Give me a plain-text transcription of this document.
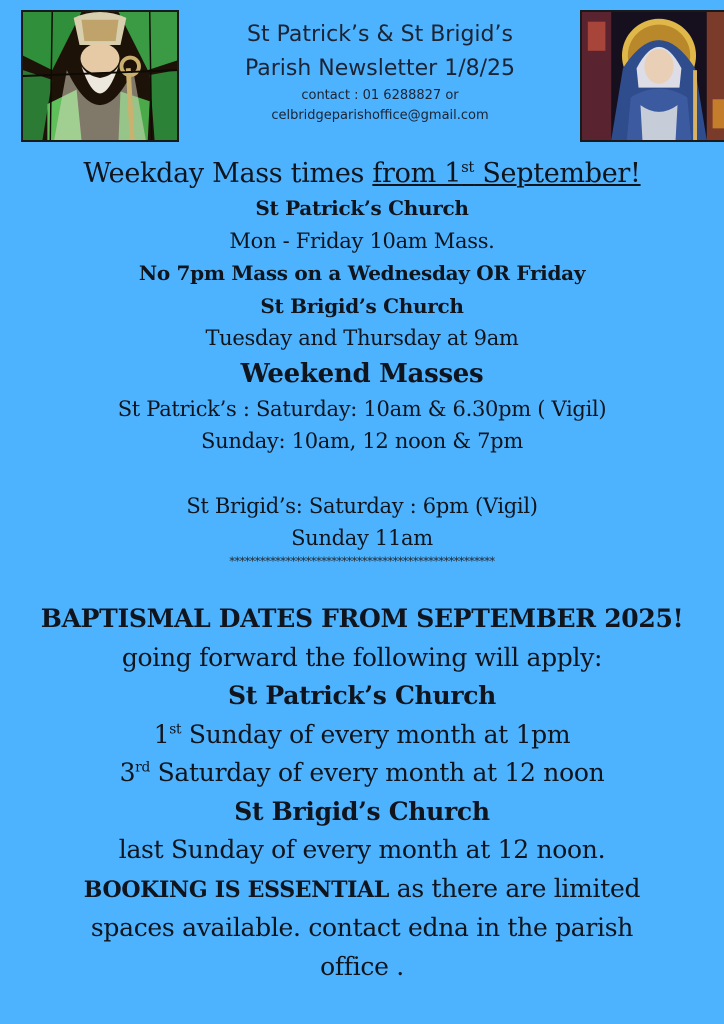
St Patrick’s & St Brigid’s
Parish Newsletter 1/8/25
contact : 01 6288827 or
celbridgeparishoffice@gmail.com
Weekday Mass times from 1st September!
St Patrick’s Church
Mon - Friday 10am Mass.
No 7pm Mass on a Wednesday OR Friday
St Brigid’s Church
Tuesday and Thursday at 9am
Weekend Masses
St Patrick’s : Saturday: 10am & 6.30pm ( Vigil)
Sunday: 10am, 12 noon & 7pm
St Brigid’s: Saturday : 6pm (Vigil)
Sunday 11am
****************************************************
BAPTISMAL DATES FROM SEPTEMBER 2025!
going forward the following will apply:
St Patrick’s Church
1st Sunday of every month at 1pm
3rd Saturday of every month at 12 noon
St Brigid’s Church
last Sunday of every month at 12 noon.
BOOKING IS ESSENTIAL as there are limited
spaces available. contact edna in the parish
office .
